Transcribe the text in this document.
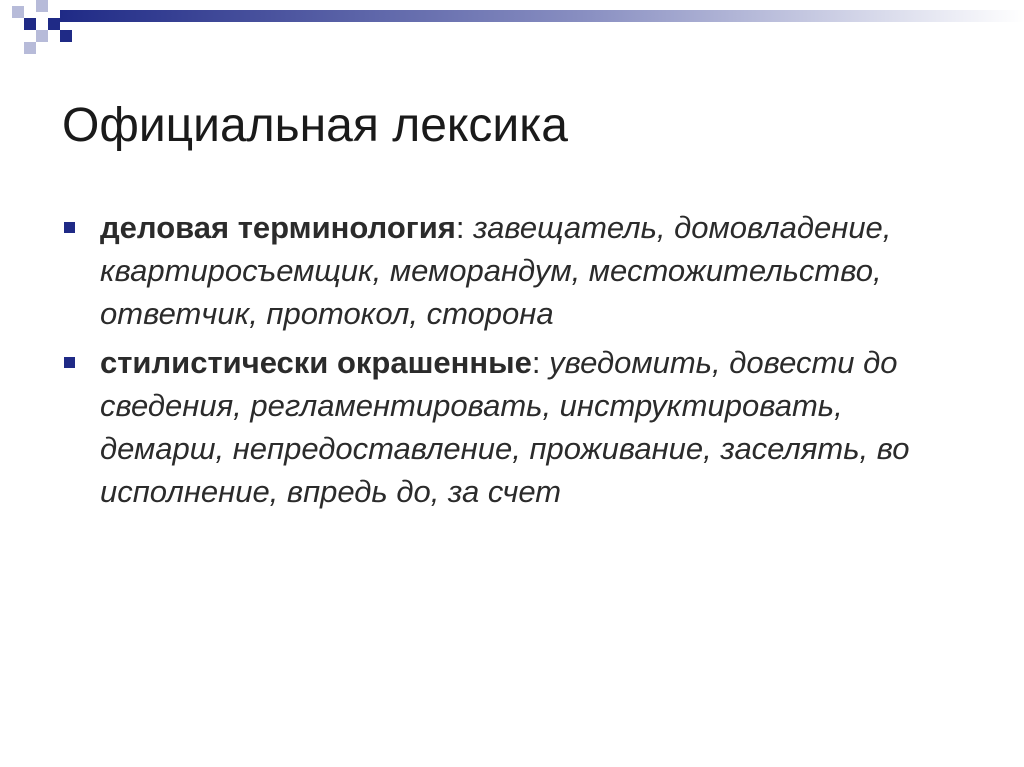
Официальная лексика
деловая терминология: завещатель, домовладение, квартиросъемщик, меморандум, местожительство, ответчик, протокол, сторона
стилистически окрашенные: уведомить, довести до сведения, регламентировать, инструктировать, демарш, непредоставление, проживание, заселять, во исполнение, впредь до, за счет
